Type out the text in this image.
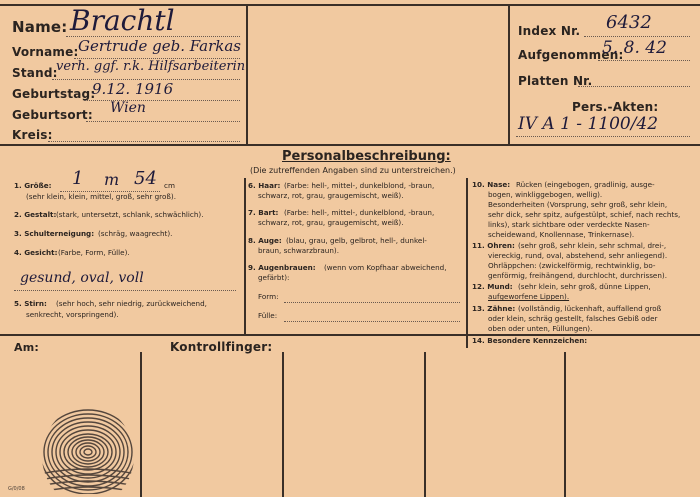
Name: Brachtl
Vorname: Gertrude geb. Farkas
Stand:
verh. ggf. r.k. Hilfsarbeiterin
Geburtstag:
9.12. 1916
Geburtsort: Wien
Kreis:
Index Nr. 6432
Aufgenommen:
5. 8. 42
Platten Nr.
Pers.-Akten:
IV A 1 - 1100/42
Personalbeschreibung:
(Die zutreffenden Angaben sind zu unterstreichen.)
1. Größe: 1 m 54 cm
(sehr klein, klein, mittel, groß, sehr groß).
2. Gestalt: (stark, untersetzt, schlank, schwächlich).
3. Schulterneigung: (schräg, waagrecht).
4. Gesicht: (Farbe, Form, Fülle).
gesund, oval, voll
5. Stirn: (sehr hoch, sehr niedrig, zurückweichend,
senkrecht, vorspringend).
6. Haar: (Farbe: hell-, mittel-, dunkelblond, -braun,
schwarz, rot, grau, graugemischt, weiß).
7. Bart: (Farbe: hell-, mittel-, dunkelblond, -braun,
schwarz, rot, grau, graugemischt, weiß).
8. Auge: (blau, grau, gelb, gelbrot, hell-, dunkel-
braun, schwarzbraun).
9. Augenbrauen: (wenn vom Kopfhaar abweichend,
gefärbt):
Form:
Fülle:
10. Nase: Rücken (eingebogen, gradlinig, ausge-
bogen, winkliggebogen, wellig).
Besonderheiten (Vorsprung, sehr groß, sehr klein,
sehr dick, sehr spitz, aufgestülpt, schief, nach rechts,
links), stark sichtbare oder verdeckte Nasen-
scheidewand, Knollennase, Trinkernase).
11. Ohren: (sehr groß, sehr klein, sehr schmal, drei-,
viereckig, rund, oval, abstehend, sehr anliegend).
Ohrläppchen: (zwickelförmig, rechtwinklig, bo-
genförmig, freihängend, durchlocht, durchrissen).
12. Mund: (sehr klein, sehr groß, dünne Lippen,
aufgeworfene Lippen).
13. Zähne: (vollständig, lückenhaft, auffallend groß
oder klein, schräg gestellt, falsches Gebiß oder
oben oder unten, Füllungen).
14. Besondere Kennzeichen:
Am:	Kontrollfinger:
G/0/08
